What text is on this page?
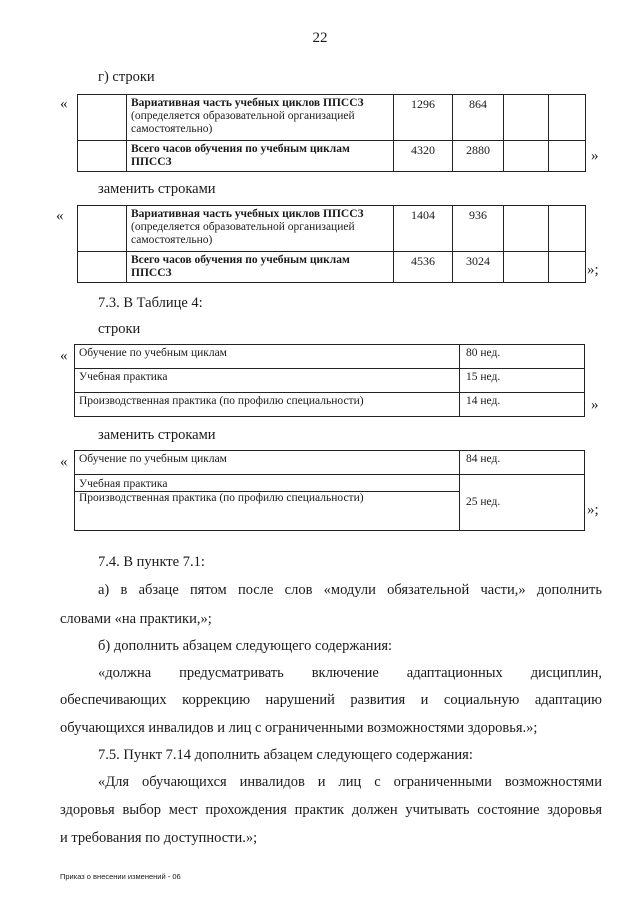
22
г) строки
«
		Вариативная часть учебных циклов ППССЗ (определяется образовательной организацией самостоятельно)	1296	864		
	Всего часов обучения по учебным циклам ППССЗ	4320	2880			»
заменить строками
«
		Вариативная часть учебных циклов ППССЗ (определяется образовательной организацией самостоятельно)	1404	936		
	Всего часов обучения по учебным циклам ППССЗ	4536	3024		
»;
7.3. В Таблице 4:
строки
« Обучение по учебным циклам	80 нед.
Учебная практика	15 нед.
Производственная практика (по профилю специальности)	14 нед.	»
заменить строками
« Обучение по учебным циклам	84 нед.

Учебная практика
Производственная практика (по профилю специальности)	25 нед.	»;
7.4. В пункте 7.1:
а) в абзаце пятом после слов «модули обязательной части,» дополнить
словами «на практики,»;
б) дополнить абзацем следующего содержания:
«должна предусматривать включение адаптационных дисциплин,
обеспечивающих коррекцию нарушений развития и социальную адаптацию
обучающихся инвалидов и лиц с ограниченными возможностями здоровья.»;
7.5. Пункт 7.14 дополнить абзацем следующего содержания:
«Для обучающихся инвалидов и лиц с ограниченными возможностями
здоровья выбор мест прохождения практик должен учитывать состояние здоровья
и требования по доступности.»;
Приказ о внесении изменений - 06
